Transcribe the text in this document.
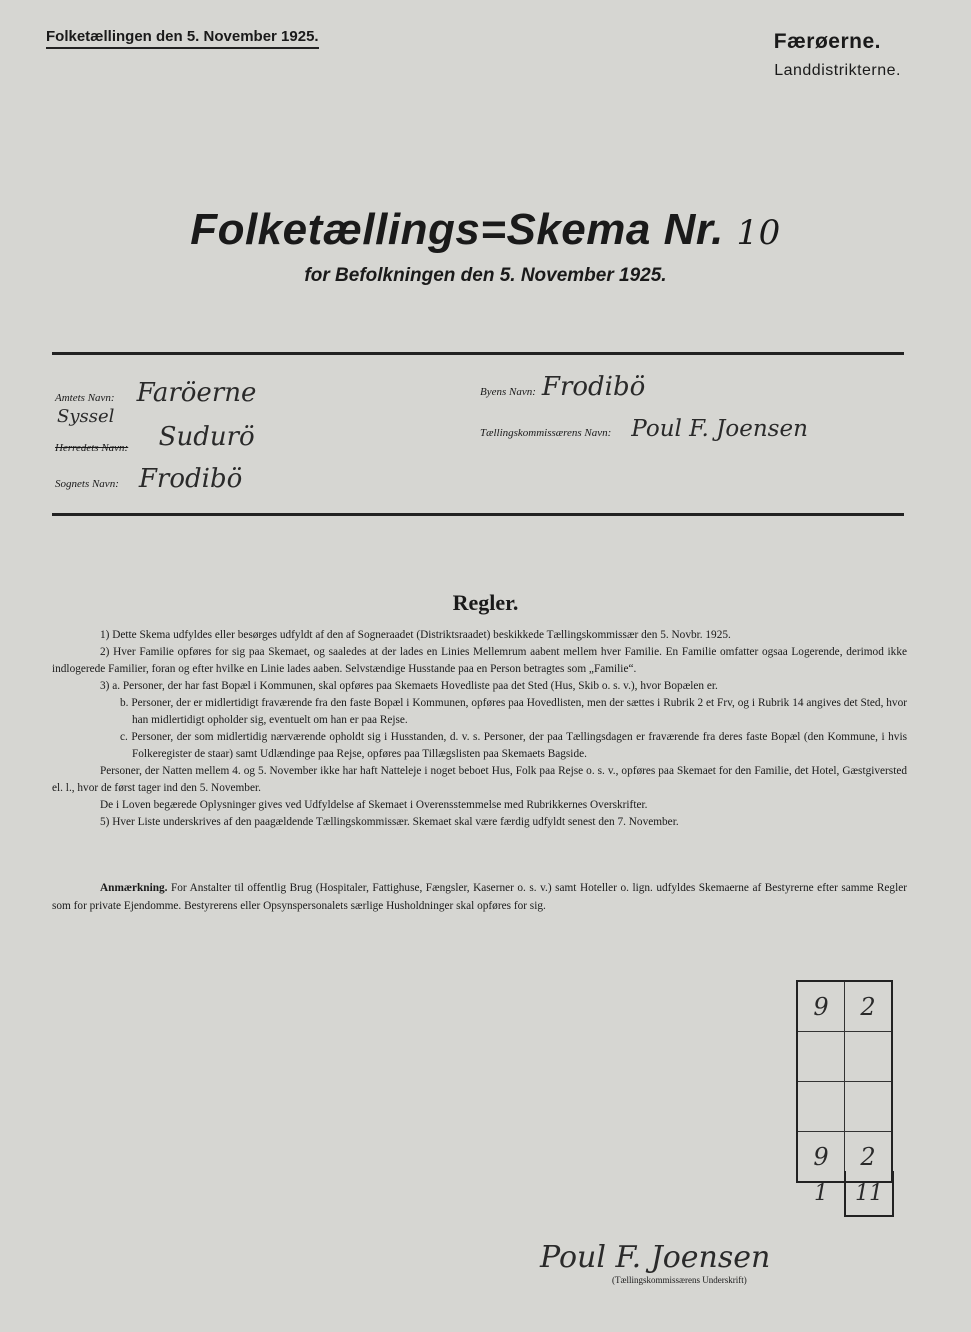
Folketællingen den 5. November 1925.	Færøerne.
Landdistrikterne.
Folketællings=Skema Nr. 10
for Befolkningen den 5. November 1925.
Amtets Navn: Faröerne
Syssel
Herredets Navn: Sudurö
Sognets Navn: Frodibö
Byens Navn: Frodibö
Tællingskommissærens Navn: Poul F. Joensen
Regler.

1) Dette Skema udfyldes eller besørges udfyldt af den af Sogneraadet (Distriktsraadet) beskikkede Tællingskommissær den 5. Novbr. 1925.

2) Hver Familie opføres for sig paa Skemaet, og saaledes at der lades en Linies Mellemrum aabent mellem hver Familie. En Familie omfatter ogsaa Logerende, derimod ikke indlogerede Familier, foran og efter hvilke en Linie lades aaben. Selvstændige Husstande paa en Person betragtes som „Familie“.

3) a. Personer, der har fast Bopæl i Kommunen, skal opføres paa Skemaets Hovedliste paa det Sted (Hus, Skib o. s. v.), hvor Bopælen er.

b. Personer, der er midlertidigt fraværende fra den faste Bopæl i Kommunen, opføres paa Hovedlisten, men der sættes i Rubrik 2 et Frv, og i Rubrik 14 angives det Sted, hvor han midlertidigt opholder sig, eventuelt om han er paa Rejse.

c. Personer, der som midlertidig nærværende opholdt sig i Husstanden, d. v. s. Personer, der paa Tællingsdagen er fraværende fra deres faste Bopæl (den Kommune, i hvis Folkeregister de staar) samt Udlændinge paa Rejse, opføres paa Tillægslisten paa Skemaets Bagside.

Personer, der Natten mellem 4. og 5. November ikke har haft Natteleje i noget beboet Hus, Folk paa Rejse o. s. v., opføres paa Skemaet for den Familie, det Hotel, Gæstgiversted el. l., hvor de først tager ind den 5. November.

De i Loven begærede Oplysninger gives ved Udfyldelse af Skemaet i Overensstemmelse med Rubrikkernes Overskrifter.

5) Hver Liste underskrives af den paagældende Tællingskommissær. Skemaet skal være færdig udfyldt senest den 7. November.

Anmærkning. For Anstalter til offentlig Brug (Hospitaler, Fattighuse, Fængsler, Kaserner o. s. v.) samt Hoteller o. lign. udfyldes Skemaerne af Bestyrerne efter samme Regler som for private Ejendomme. Bestyrerens eller Opsynspersonalets særlige Husholdninger skal opføres for sig.
9	2
9	2
1	11
Poul F. Joensen
(Tællingskommissærens Underskrift)
